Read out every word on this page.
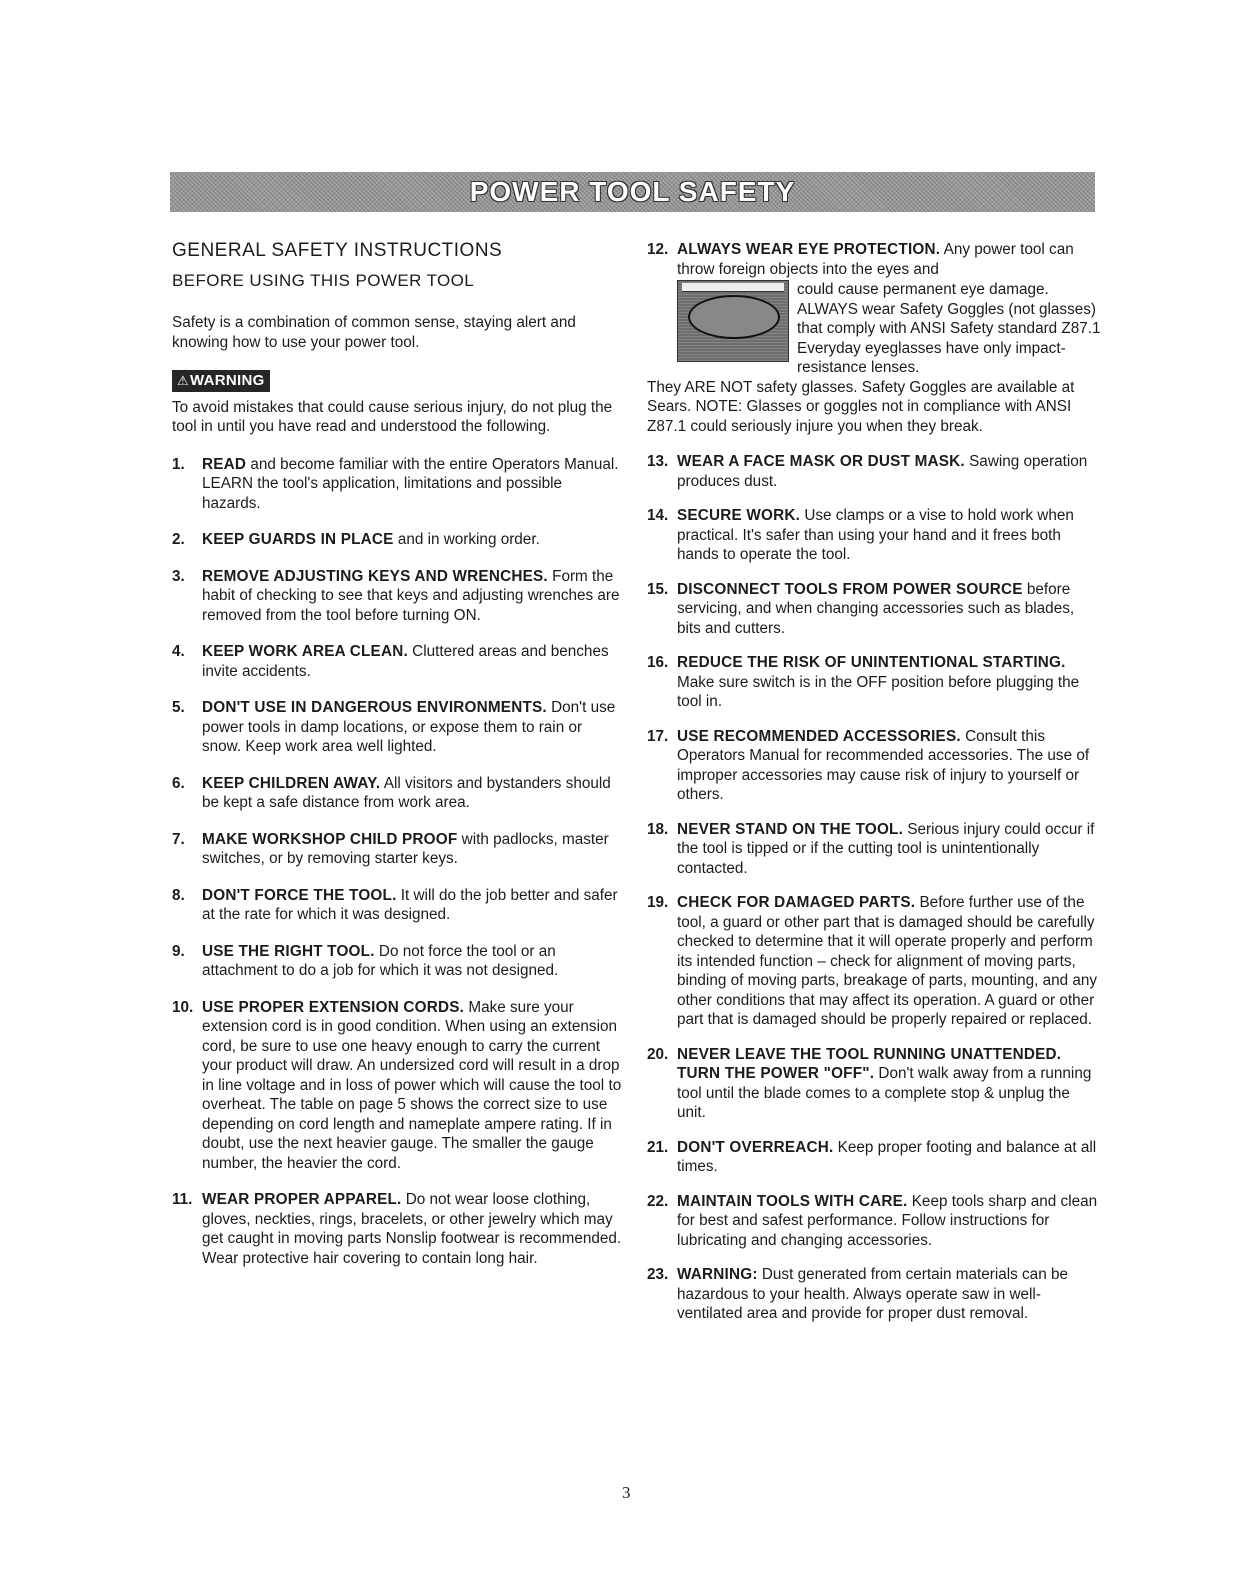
POWER TOOL SAFETY
GENERAL SAFETY INSTRUCTIONS
BEFORE USING THIS POWER TOOL
Safety is a combination of common sense, staying alert and knowing how to use your power tool.
⚠WARNING
To avoid mistakes that could cause serious injury, do not plug the tool in until you have read and understood the following.
1.	READ and become familiar with the entire Operators Manual. LEARN the tool's application, limitations and possible hazards.
2.	KEEP GUARDS IN PLACE and in working order.
3.	REMOVE ADJUSTING KEYS AND WRENCHES. Form the habit of checking to see that keys and adjusting wrenches are removed from the tool before turning ON.
4.	KEEP WORK AREA CLEAN. Cluttered areas and benches invite accidents.
5.	DON'T USE IN DANGEROUS ENVIRONMENTS. Don't use power tools in damp locations, or expose them to rain or snow. Keep work area well lighted.
6.	KEEP CHILDREN AWAY. All visitors and bystanders should be kept a safe distance from work area.
7.	MAKE WORKSHOP CHILD PROOF with padlocks, master switches, or by removing starter keys.
8.	DON'T FORCE THE TOOL. It will do the job better and safer at the rate for which it was designed.
9.	USE THE RIGHT TOOL. Do not force the tool or an attachment to do a job for which it was not designed.
10. USE PROPER EXTENSION CORDS. Make sure your extension cord is in good condition. When using an extension cord, be sure to use one heavy enough to carry the current your product will draw. An undersized cord will result in a drop in line voltage and in loss of power which will cause the tool to overheat. The table on page 5 shows the correct size to use depending on cord length and nameplate ampere rating. If in doubt, use the next heavier gauge. The smaller the gauge number, the heavier the cord.
11. WEAR PROPER APPAREL. Do not wear loose clothing, gloves, neckties, rings, bracelets, or other jewelry which may get caught in moving parts Nonslip footwear is recommended. Wear protective hair covering to contain long hair.
12. ALWAYS WEAR EYE PROTECTION. Any power tool can throw foreign objects into the eyes and
could cause permanent eye damage. ALWAYS wear Safety Goggles (not glasses) that comply with ANSI Safety standard Z87.1 Everyday eyeglasses have only impact-resistance lenses.
They ARE NOT safety glasses. Safety Goggles are available at Sears. NOTE: Glasses or goggles not in compliance with ANSI Z87.1 could seriously injure you when they break.
13. WEAR A FACE MASK OR DUST MASK. Sawing operation produces dust.
14. SECURE WORK. Use clamps or a vise to hold work when practical. It's safer than using your hand and it frees both hands to operate the tool.
15. DISCONNECT TOOLS FROM POWER SOURCE before servicing, and when changing accessories such as blades, bits and cutters.
16. REDUCE THE RISK OF UNINTENTIONAL STARTING. Make sure switch is in the OFF position before plugging the tool in.
17. USE RECOMMENDED ACCESSORIES. Consult this Operators Manual for recommended accessories. The use of improper accessories may cause risk of injury to yourself or others.
18. NEVER STAND ON THE TOOL. Serious injury could occur if the tool is tipped or if the cutting tool is unintentionally contacted.
19. CHECK FOR DAMAGED PARTS. Before further use of the tool, a guard or other part that is damaged should be carefully checked to determine that it will operate properly and perform its intended function – check for alignment of moving parts, binding of moving parts, breakage of parts, mounting, and any other conditions that may affect its operation. A guard or other part that is damaged should be properly repaired or replaced.
20. NEVER LEAVE THE TOOL RUNNING UNATTENDED. TURN THE POWER "OFF". Don't walk away from a running tool until the blade comes to a complete stop & unplug the unit.
21. DON'T OVERREACH. Keep proper footing and balance at all times.
22. MAINTAIN TOOLS WITH CARE. Keep tools sharp and clean for best and safest performance. Follow instructions for lubricating and changing accessories.
23. WARNING: Dust generated from certain materials can be hazardous to your health. Always operate saw in well-ventilated area and provide for proper dust removal.
3
